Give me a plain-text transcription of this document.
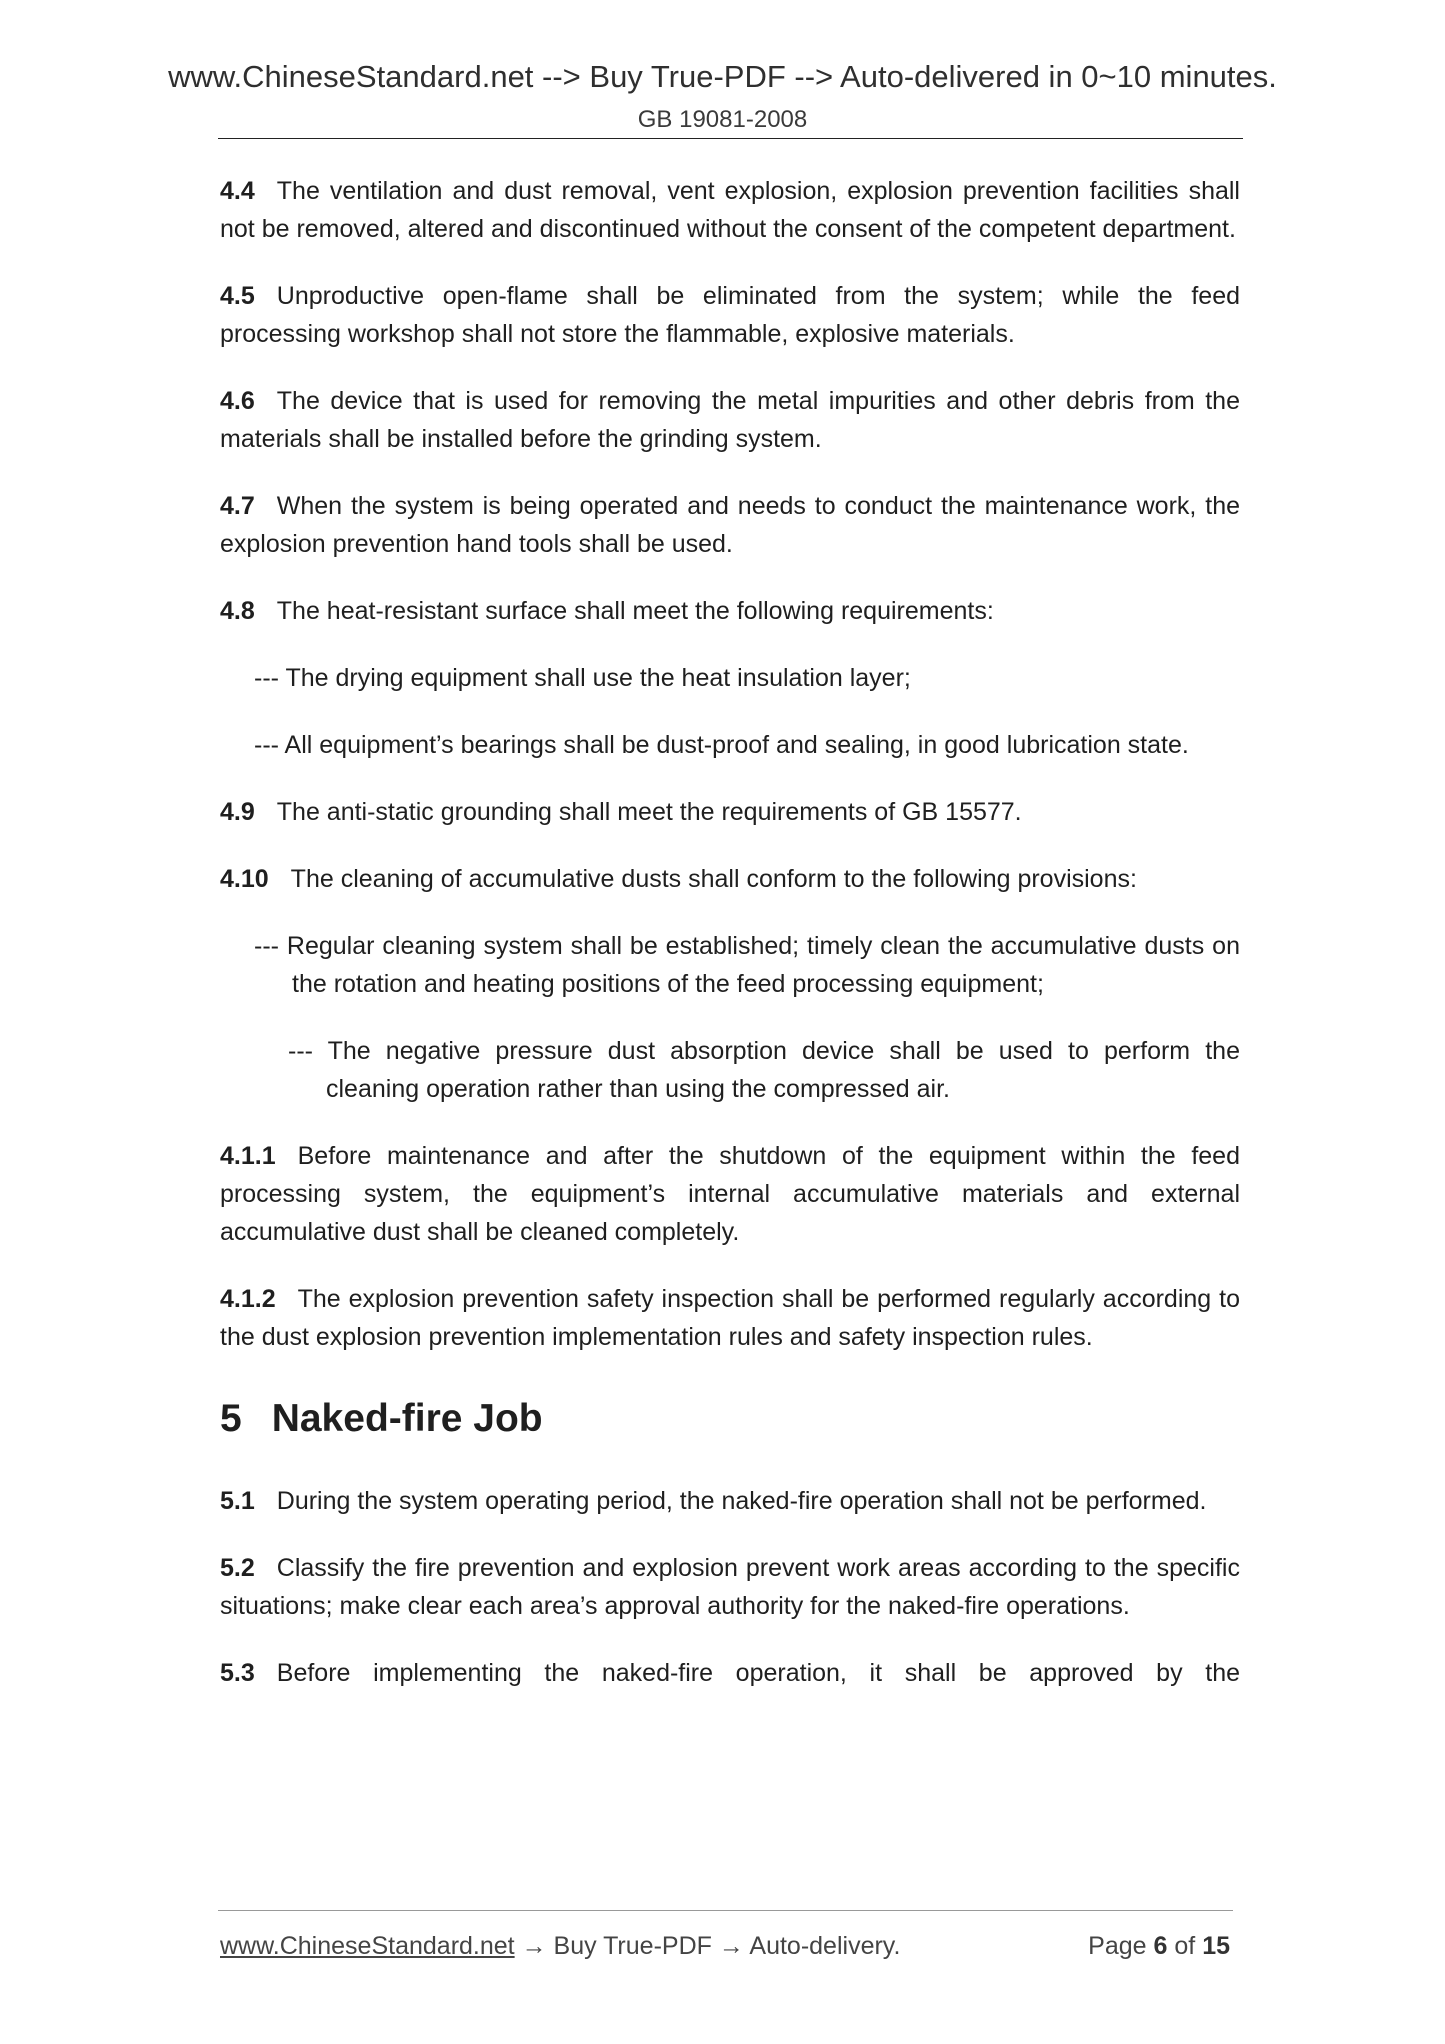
www.ChineseStandard.net --> Buy True-PDF --> Auto-delivered in 0~10 minutes.
GB 19081-2008

4.4 The ventilation and dust removal, vent explosion, explosion prevention facilities shall not be removed, altered and discontinued without the consent of the competent department.

4.5 Unproductive open-flame shall be eliminated from the system; while the feed processing workshop shall not store the flammable, explosive materials.

4.6 The device that is used for removing the metal impurities and other debris from the materials shall be installed before the grinding system.

4.7 When the system is being operated and needs to conduct the maintenance work, the explosion prevention hand tools shall be used.

4.8 The heat-resistant surface shall meet the following requirements:

--- The drying equipment shall use the heat insulation layer;
--- All equipment’s bearings shall be dust-proof and sealing, in good lubrication state.

4.9 The anti-static grounding shall meet the requirements of GB 15577.

4.10 The cleaning of accumulative dusts shall conform to the following provisions:

--- Regular cleaning system shall be established; timely clean the accumulative dusts on the rotation and heating positions of the feed processing equipment;
--- The negative pressure dust absorption device shall be used to perform the cleaning operation rather than using the compressed air.

4.1.1 Before maintenance and after the shutdown of the equipment within the feed processing system, the equipment’s internal accumulative materials and external accumulative dust shall be cleaned completely.

4.1.2 The explosion prevention safety inspection shall be performed regularly according to the dust explosion prevention implementation rules and safety inspection rules.

5 Naked-fire Job

5.1 During the system operating period, the naked-fire operation shall not be performed.

5.2 Classify the fire prevention and explosion prevent work areas according to the specific situations; make clear each area’s approval authority for the naked-fire operations.

5.3 Before implementing the naked-fire operation, it shall be approved by the

www.ChineseStandard.net → Buy True-PDF → Auto-delivery.	Page 6 of 15
